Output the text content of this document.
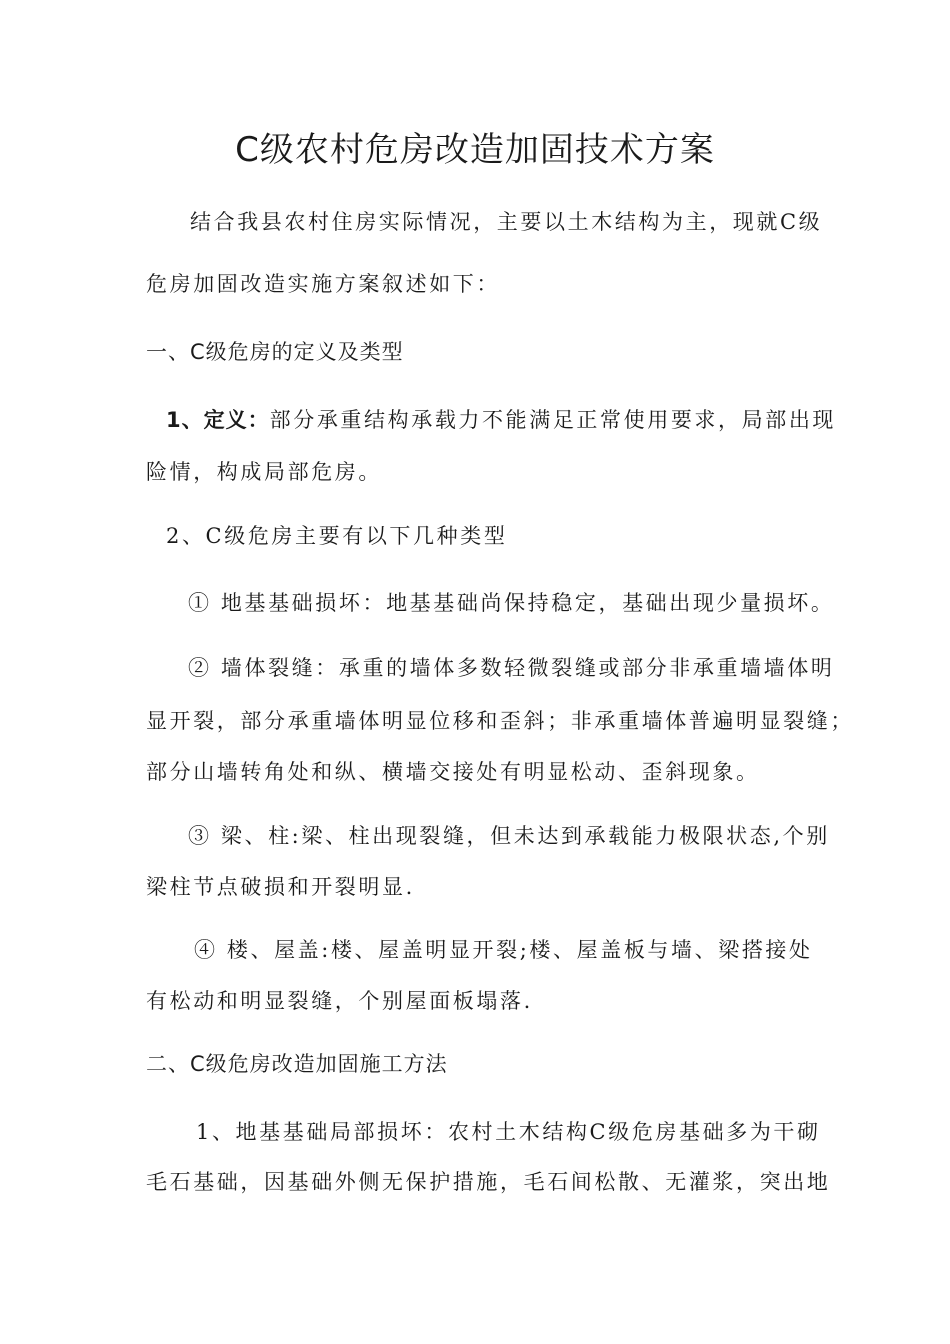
C级农村危房改造加固技术方案
结合我县农村住房实际情况，主要以土木结构为主，现就C级
危房加固改造实施方案叙述如下：
一、C级危房的定义及类型
1、定义：部分承重结构承载力不能满足正常使用要求，局部出现
险情，构成局部危房。
2、C级危房主要有以下几种类型
① 地基基础损坏：地基基础尚保持稳定，基础出现少量损坏。
② 墙体裂缝：承重的墙体多数轻微裂缝或部分非承重墙墙体明
显开裂，部分承重墙体明显位移和歪斜；非承重墙体普遍明显裂缝；
部分山墙转角处和纵、横墙交接处有明显松动、歪斜现象。
③ 梁、柱:梁、柱出现裂缝，但未达到承载能力极限状态,个别
梁柱节点破损和开裂明显.
④ 楼、屋盖:楼、屋盖明显开裂;楼、屋盖板与墙、梁搭接处
有松动和明显裂缝，个别屋面板塌落.
二、C级危房改造加固施工方法
1、地基基础局部损坏：农村土木结构C级危房基础多为干砌
毛石基础，因基础外侧无保护措施，毛石间松散、无灌浆，突出地
